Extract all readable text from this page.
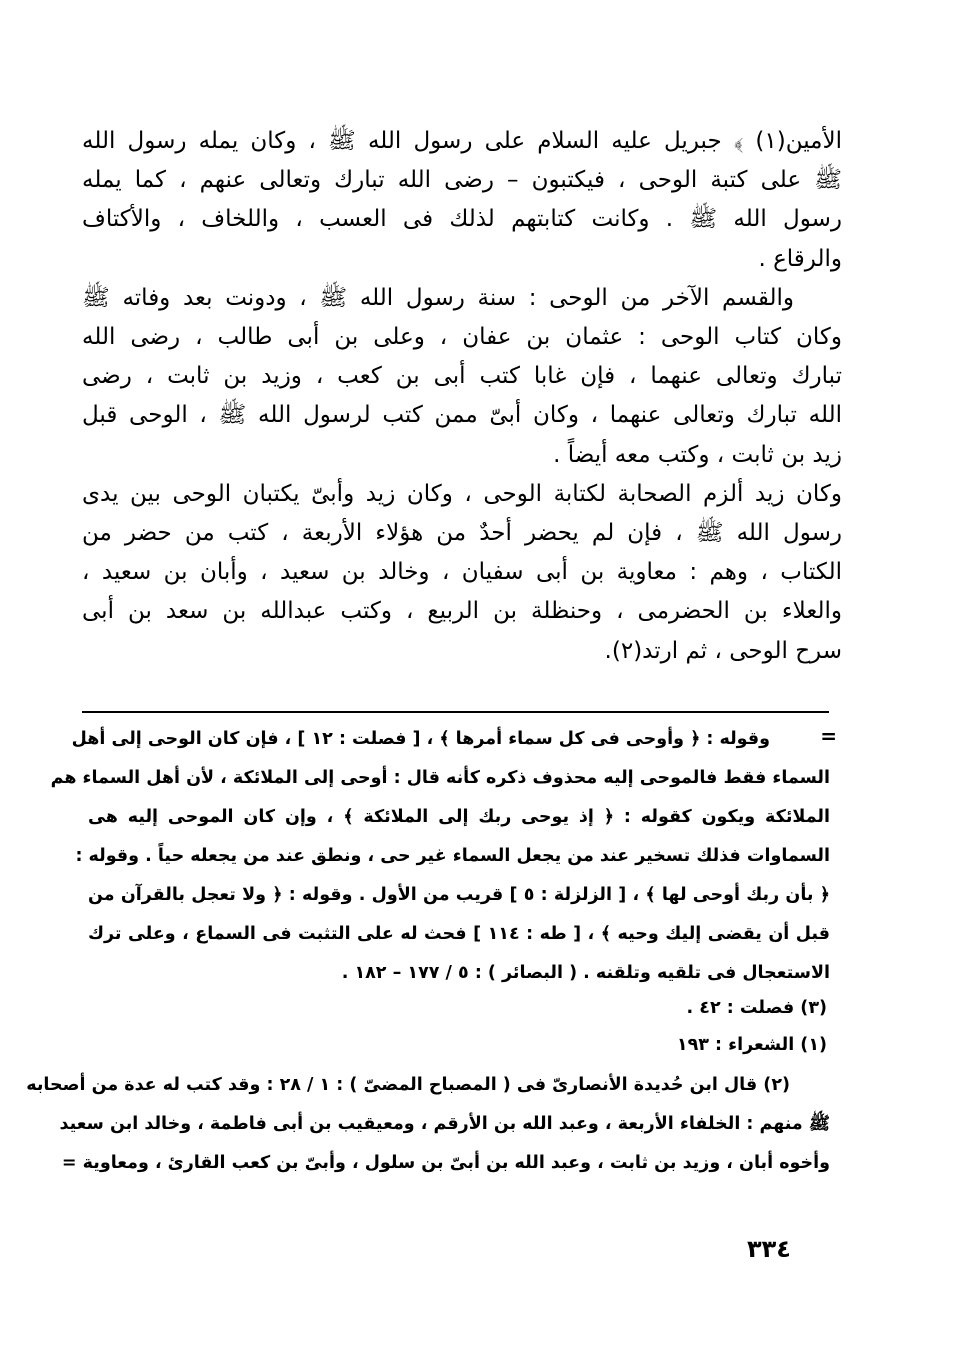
الأمين(١) ﴾ جبريل عليه السلام على رسول الله ﷺ ، وكان يمله رسول الله
ﷺ على كتبة الوحى ، فيكتبون – رضى الله تبارك وتعالى عنهم ، كما يمله
رسول الله ﷺ . وكانت كتابتهم لذلك فى العسب ، واللخاف ، والأكتاف
والرقاع .

والقسم الآخر من الوحى : سنة رسول الله ﷺ ، ودونت بعد وفاته ﷺ
وكان كتاب الوحى : عثمان بن عفان ، وعلى بن أبى طالب ، رضى الله
تبارك وتعالى عنهما ، فإن غابا كتب أبى بن كعب ، وزيد بن ثابت ، رضى
الله تبارك وتعالى عنهما ، وكان أبىّ ممن كتب لرسول الله ﷺ ، الوحى قبل
زيد بن ثابت ، وكتب معه أيضاً .

وكان زيد ألزم الصحابة لكتابة الوحى ، وكان زيد وأبىّ يكتبان الوحى بين يدى
رسول الله ﷺ ، فإن لم يحضر أحدٌ من هؤلاء الأربعة ، كتب من حضر من
الكتاب ، وهم : معاوية بن أبى سفيان ، وخالد بن سعيد ، وأبان بن سعيد ،
والعلاء بن الحضرمى ، وحنظلة بن الربيع ، وكتب عبدالله بن سعد بن أبى
سرح الوحى ، ثم ارتد(٢).

=
وقوله : ﴿ وأوحى فى كل سماء أمرها ﴾ ، [ فصلت : ١٢ ] ، فإن كان الوحى إلى أهل
السماء فقط فالموحى إليه محذوف ذكره كأنه قال : أوحى إلى الملائكة ، لأن أهل السماء هم
الملائكة ويكون كقوله : ﴿ إذ يوحى ربك إلى الملائكة ﴾ ، وإن كان الموحى إليه هى
السماوات فذلك تسخير عند من يجعل السماء غير حى ، ونطق عند من يجعله حياً . وقوله :
﴿ بأن ربك أوحى لها ﴾ ، [ الزلزلة : ٥ ] قريب من الأول . وقوله : ﴿ ولا تعجل بالقرآن من
قبل أن يقضى إليك وحيه ﴾ ، [ طه : ١١٤ ] فحث له على التثبت فى السماع ، وعلى ترك
الاستعجال فى تلقيه وتلقنه . ( البصائر ) : ٥ / ١٧٧ – ١٨٢ .
(٣) فصلت : ٤٢ .
(١) الشعراء : ١٩٣
(٢) قال ابن حُديدة الأنصارىّ فى ( المصباح المضىّ ) : ١ / ٢٨ : وقد كتب له عدة من أصحابه
ﷺ منهم : الخلفاء الأربعة ، وعبد الله بن الأرقم ، ومعيقيب بن أبى فاطمة ، وخالد ابن سعيد
وأخوه أبان ، وزيد بن ثابت ، وعبد الله بن أبىّ بن سلول ، وأبىّ بن كعب القارئ ، ومعاوية =
٣٣٤
